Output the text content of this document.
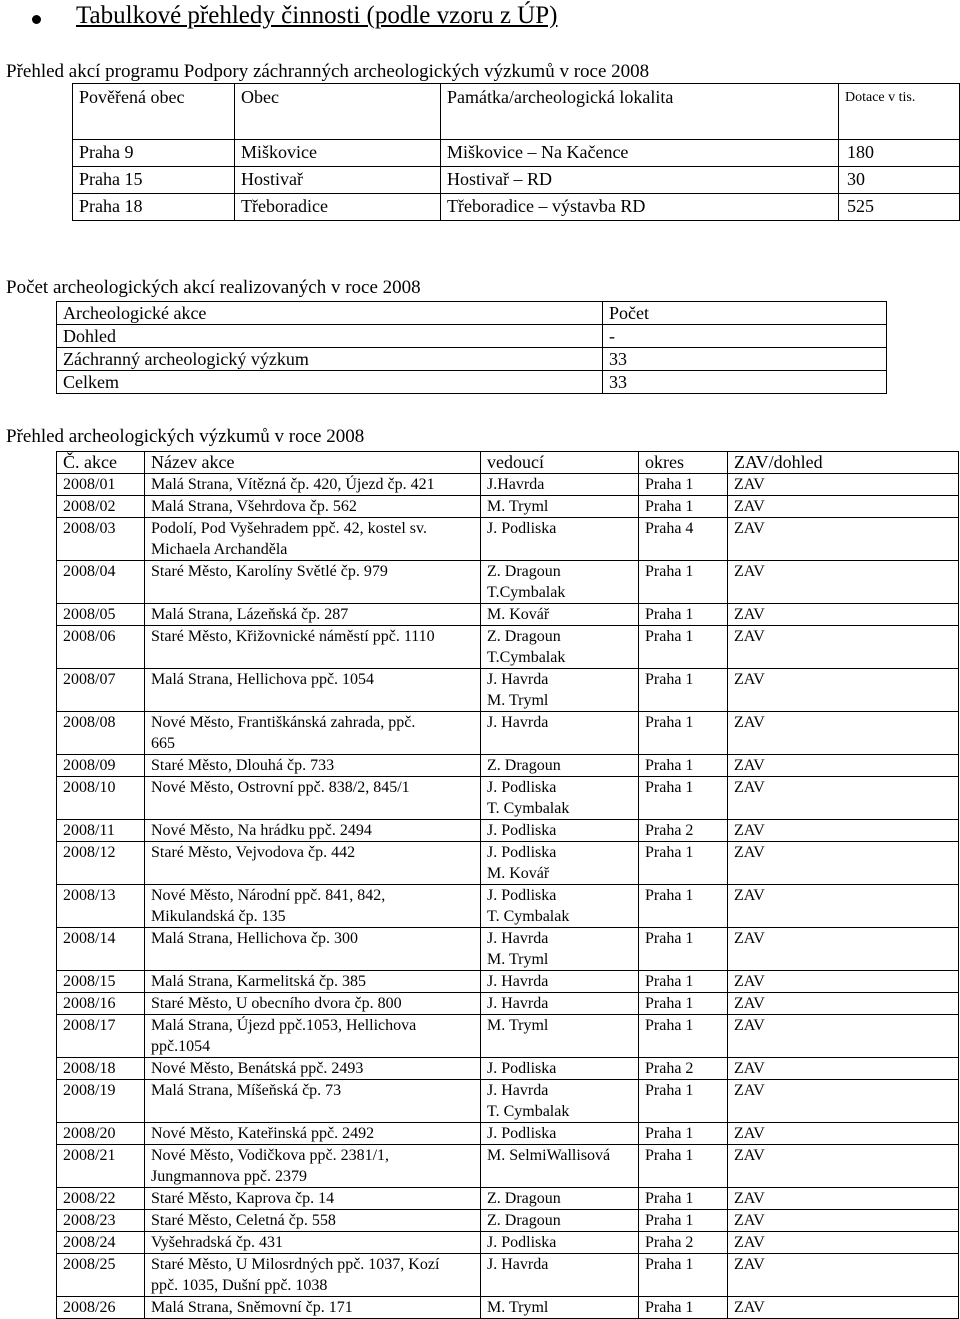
Tabulkové přehledy činnosti (podle vzoru z ÚP)
Přehled akcí programu Podpory záchranných archeologických výzkumů v roce 2008
Pověřená obec	Obec	Památka/archeologická lokalita	Dotace v tis.

Praha 9	Miškovice	Miškovice – Na Kačence	180

Praha 15	Hostivař	Hostivař – RD	30

Praha 18	Třeboradice	Třeboradice – výstavba RD	525
Počet archeologických akcí realizovaných v roce 2008
Archeologické akce	Počet

Dohled	-

Záchranný archeologický výzkum	33

Celkem	33
Přehled archeologických výzkumů v roce 2008
Č. akce	Název akce	vedoucí	okres	ZAV/dohled

2008/01	Malá Strana, Vítězná čp. 420, Újezd čp. 421	J.Havrda	Praha 1	ZAV

2008/02	Malá Strana, Všehrdova čp. 562	M. Tryml	Praha 1	ZAV

2008/03	Podolí, Pod Vyšehradem ppč. 42, kostel sv.
Michaela Archanděla	J. Podliska	Praha 4	ZAV

2008/04	Staré Město, Karolíny Světlé čp. 979	Z. Dragoun
T.Cymbalak	Praha 1	ZAV

2008/05	Malá Strana, Lázeňská čp. 287	M. Kovář	Praha 1	ZAV

2008/06	Staré Město, Křižovnické náměstí ppč. 1110	Z. Dragoun
T.Cymbalak	Praha 1	ZAV

2008/07	Malá Strana, Hellichova ppč. 1054	J. Havrda
M. Tryml	Praha 1	ZAV

2008/08	Nové Město, Františkánská zahrada, ppč.
665	J. Havrda	Praha 1	ZAV

2008/09	Staré Město, Dlouhá čp. 733	Z. Dragoun	Praha 1	ZAV

2008/10	Nové Město, Ostrovní ppč. 838/2, 845/1	J. Podliska
T. Cymbalak	Praha 1	ZAV

2008/11	Nové Město, Na hrádku ppč. 2494	J. Podliska	Praha 2	ZAV

2008/12	Staré Město, Vejvodova čp. 442	J. Podliska
M. Kovář	Praha 1	ZAV

2008/13	Nové Město, Národní ppč. 841, 842,
Mikulandská čp. 135	J. Podliska
T. Cymbalak	Praha 1	ZAV

2008/14	Malá Strana, Hellichova čp. 300	J. Havrda
M. Tryml	Praha 1	ZAV

2008/15	Malá Strana, Karmelitská čp. 385	J. Havrda	Praha 1	ZAV

2008/16	Staré Město, U obecního dvora čp. 800	J. Havrda	Praha 1	ZAV

2008/17	Malá Strana, Újezd ppč.1053, Hellichova
ppč.1054	M. Tryml	Praha 1	ZAV

2008/18	Nové Město, Benátská ppč. 2493	J. Podliska	Praha 2	ZAV

2008/19	Malá Strana, Míšeňská čp. 73	J. Havrda
T. Cymbalak	Praha 1	ZAV

2008/20	Nové Město, Kateřinská ppč. 2492	J. Podliska	Praha 1	ZAV

2008/21	Nové Město, Vodičkova ppč. 2381/1,
Jungmannova ppč. 2379	M. SelmiWallisová	Praha 1	ZAV

2008/22	Staré Město, Kaprova čp. 14	Z. Dragoun	Praha 1	ZAV

2008/23	Staré Město, Celetná čp. 558	Z. Dragoun	Praha 1	ZAV

2008/24	Vyšehradská čp. 431	J. Podliska	Praha 2	ZAV

2008/25	Staré Město, U Milosrdných ppč. 1037, Kozí
ppč. 1035, Dušní ppč. 1038	J. Havrda	Praha 1	ZAV

2008/26	Malá Strana, Sněmovní čp. 171	M. Tryml	Praha 1	ZAV
